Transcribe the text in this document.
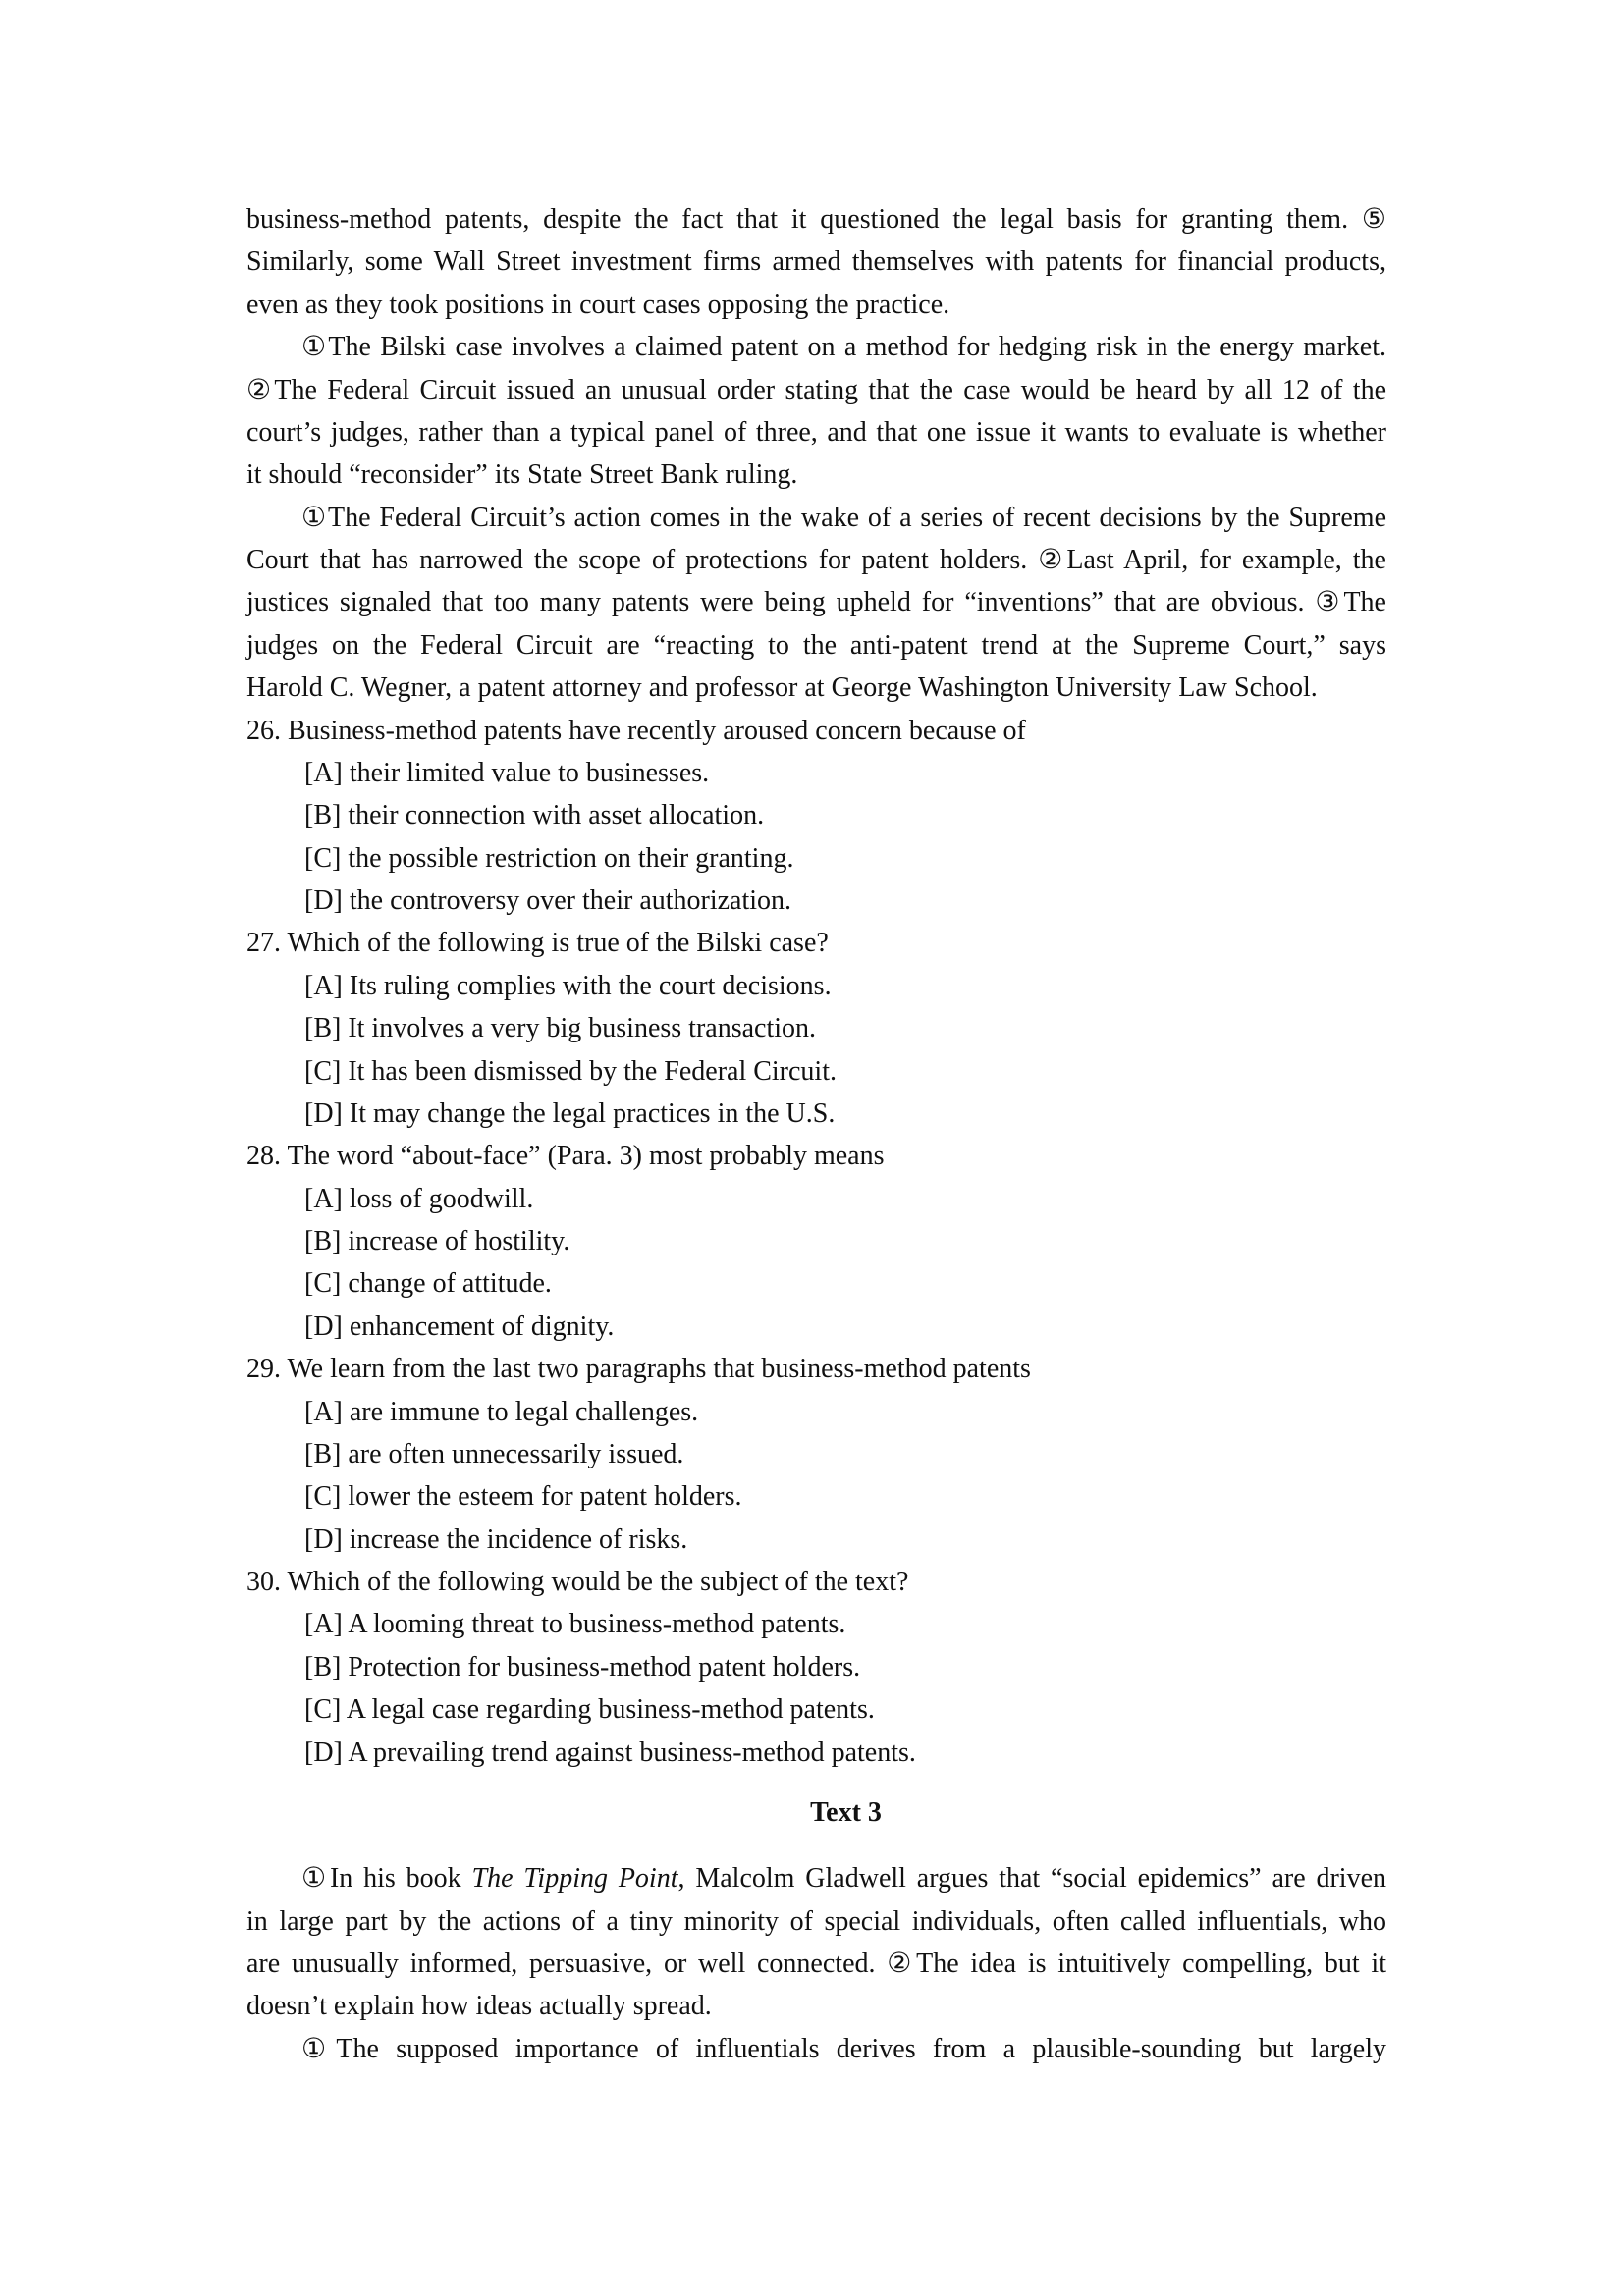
business-method patents, despite the fact that it questioned the legal basis for granting them. ⑤
Similarly, some Wall Street investment firms armed themselves with patents for financial products,
even as they took positions in court cases opposing the practice.
①The Bilski case involves a claimed patent on a method for hedging risk in the energy market.
②The Federal Circuit issued an unusual order stating that the case would be heard by all 12 of the
court’s judges, rather than a typical panel of three, and that one issue it wants to evaluate is whether
it should “reconsider” its State Street Bank ruling.
①The Federal Circuit’s action comes in the wake of a series of recent decisions by the Supreme
Court that has narrowed the scope of protections for patent holders. ②Last April, for example, the
justices signaled that too many patents were being upheld for “inventions” that are obvious. ③The
judges on the Federal Circuit are “reacting to the anti-patent trend at the Supreme Court,” says
Harold C. Wegner, a patent attorney and professor at George Washington University Law School.
26. Business-method patents have recently aroused concern because of
[A] their limited value to businesses.
[B] their connection with asset allocation.
[C] the possible restriction on their granting.
[D] the controversy over their authorization.
27. Which of the following is true of the Bilski case?
[A] Its ruling complies with the court decisions.
[B] It involves a very big business transaction.
[C] It has been dismissed by the Federal Circuit.
[D] It may change the legal practices in the U.S.
28. The word “about-face” (Para. 3) most probably means
[A] loss of goodwill.
[B] increase of hostility.
[C] change of attitude.
[D] enhancement of dignity.
29. We learn from the last two paragraphs that business-method patents
[A] are immune to legal challenges.
[B] are often unnecessarily issued.
[C] lower the esteem for patent holders.
[D] increase the incidence of risks.
30. Which of the following would be the subject of the text?
[A] A looming threat to business-method patents.
[B] Protection for business-method patent holders.
[C] A legal case regarding business-method patents.
[D] A prevailing trend against business-method patents.
Text 3
①In his book The Tipping Point, Malcolm Gladwell argues that “social epidemics” are driven
in large part by the actions of a tiny minority of special individuals, often called influentials, who
are unusually informed, persuasive, or well connected. ②The idea is intuitively compelling, but it
doesn’t explain how ideas actually spread.
①The supposed importance of influentials derives from a plausible-sounding but largely
